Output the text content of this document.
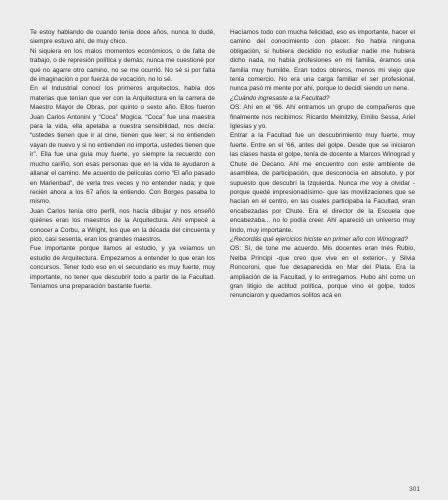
Te estoy hablando de cuando tenía doce años, nunca lo dudé, siempre estuvo ahí, de muy chico.

Ni siquiera en los malos momentos económicos, o de falta de trabajo, o de represión política y demás; nunca me cuestioné por qué no agarre otro camino, no se me ocurrió. No sé si por falta de imaginación o por fuerza de vocación, no lo sé.

En el Industrial conocí los primeros arquitectos, había dos materias que tenían que ver con la Arquitectura en la carrera de Maestro Mayor de Obras, por quinto o sexto año. Ellos fueron Juan Carlos Antonini y “Coca” Mogica. “Coca” fue una maestra para la vida, ella apelaba a nuestra sensibilidad, nos decía: “ustedes tienen que ir al cine, tienen que leer; si no entienden vayan de nuevo y si no entienden no importa, ustedes tienen que ir”. Ella fue una guía muy fuerte, yo siempre la recuerdo con mucho cariño, son esas personas que en la vida te ayudaron a allanar el camino. Me acuerdo de películas como “El año pasado en Marienbad”, de verla tres veces y no entender nada; y que recién ahora a los 67 años la entiendo. Con Borges pasaba lo mismo.

Juan Carlos tenía otro perfil, nos hacía dibujar y nos enseñó quiénes eran los maestros de la Arquitectura. Ahí empecé a conocer a Corbu, a Wright, los que en la década del cincuenta y pico, casi sesenta, eran los grandes maestros.

Fue importante porque llamos al estudio, y ya veíamos un estudio de Arquitectura. Empezamos a entender lo que eran los concursos. Tener todo eso en el secundario es muy fuerte, muy importante, no tener que descubrir todo a partir de la Facultad. Teníamos una preparación bastante fuerte.

Hacíamos todo con mucha felicidad, eso es importante, hacer el camino del conocimiento con placer. No había ninguna obligación, si hubiera decidido no estudiar nadie me hubiera dicho nada, no había profesiones en mi familia, éramos una familia muy humilde. Eran todos obreros, menos mi viejo que tenía comercio. No era una carga familiar el ser profesional, nunca pasó mi mente por ahí, porque lo decidí siendo un nene.

¿Cuándo ingresaste a la Facultad?

OS: Ahí en el ‘66. Ahí entramos un grupo de compañeros que finalmente nos recibimos: Ricardo Melnitzky, Emilio Sessa, Ariel Iglesias y yo.

Entrar a la Facultad fue un descubrimiento muy fuerte, muy fuerte. Entre en el ‘66, antes del golpe. Desde que se iniciaron las clases hasta el golpe, tenía de docente a Marcos Winograd y Chute de Decano. Ahí me encuentro con este ambiente de asamblea, de participación, que desconocía en absoluto, y por supuesto que descubrí la Izquierda. Nunca me voy a olvidar -porque quedé impresionadísimo- que las movilizaciones que se hacían en el centro, en las cuales participaba la Facultad, eran encabezadas por Chute. Era el director de la Escuela que encabezaba... no lo podía creer. Ahí apareció un universo muy lindo, muy importante.

¿Recordás qué ejercicios hiciste en primer año con Winograd?

OS: Sí, de tone me acuerdo. Mis docentes eran Inés Rubio, Nelba Principi -que creo que vive en el exterior-, y Silvia Roncoroni, que fue desaparecida en Mar del Plata. Era la ampliación de la Facultad, y lo entregamos. Hubo ahí como un gran litigio de actitud política, porque vino el golpe, todos renunciaron y quedamos solitos acá en

301
